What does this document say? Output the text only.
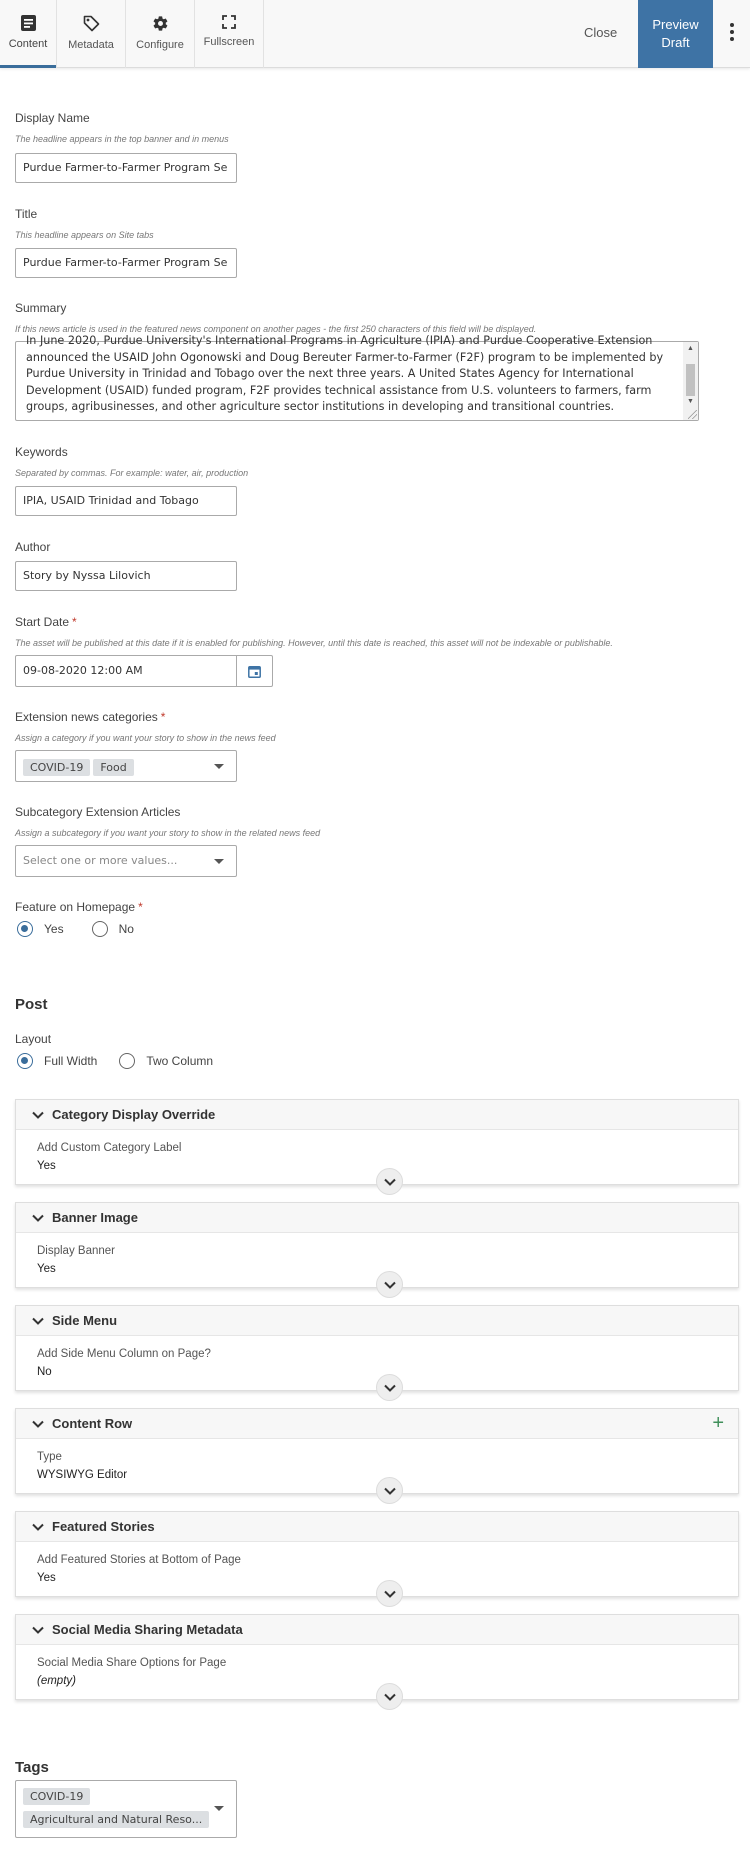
Content Metadata Configure Fullscreen
Close
Preview
Draft
Display Name
The headline appears in the top banner and in menus
Purdue Farmer-to-Farmer Program Se
Title
This headline appears on Site tabs
Purdue Farmer-to-Farmer Program Se
Summary
If this news article is used in the featured news component on another pages - the first 250 characters of this field will be displayed.
In June 2020, Purdue University's International Programs in Agriculture (IPIA) and Purdue Cooperative Extension
announced the USAID John Ogonowski and Doug Bereuter Farmer-to-Farmer (F2F) program to be implemented by
Purdue University in Trinidad and Tobago over the next three years. A United States Agency for International
Development (USAID) funded program, F2F provides technical assistance from U.S. volunteers to farmers, farm
groups, agribusinesses, and other agriculture sector institutions in developing and transitional countries.
▲
▼
Keywords
Separated by commas. For example: water, air, production
IPIA, USAID Trinidad and Tobago
Author
Story by Nyssa Lilovich
Start Date *
The asset will be published at this date if it is enabled for publishing. However, until this date is reached, this asset will not be indexable or publishable.
09-08-2020 12:00 AM
Extension news categories *
Assign a category if you want your story to show in the news feed
COVID-19 Food
Subcategory Extension Articles
Assign a subcategory if you want your story to show in the related news feed
Select one or more values...
Feature on Homepage *
Yes	No
Post
Layout
Full Width	Two Column
Category Display Override
Add Custom Category Label
Yes
Banner Image
Display Banner
Yes
Side Menu
Add Side Menu Column on Page?
No
Content Row	+
Type
WYSIWYG Editor
Featured Stories
Add Featured Stories at Bottom of Page
Yes
Social Media Sharing Metadata
Social Media Share Options for Page
(empty)
Tags
COVID-19
Agricultural and Natural Reso...
